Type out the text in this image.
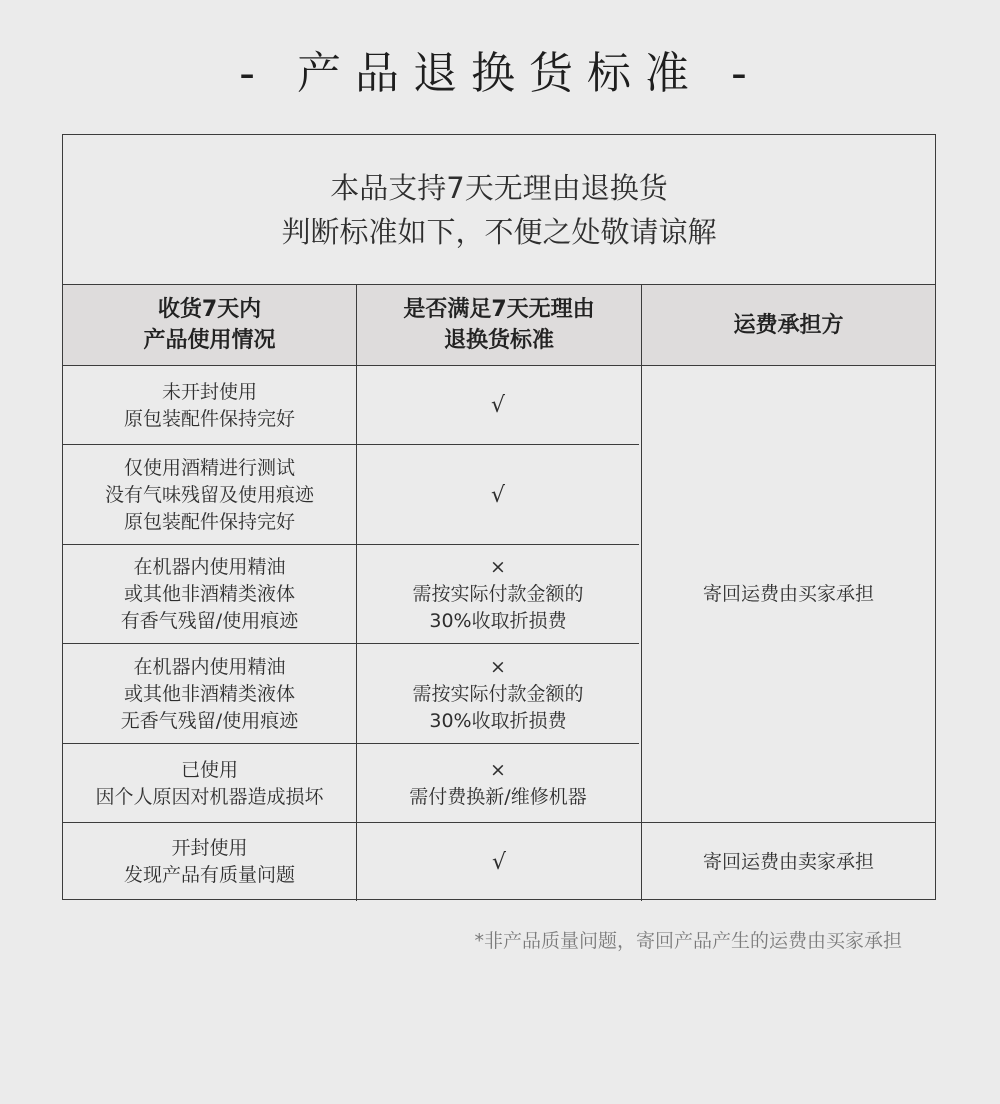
- 产品退换货标准 -
本品支持7天无理由退换货
判断标准如下，不便之处敬请谅解
收货7天内
产品使用情况
是否满足7天无理由
退换货标准
运费承担方
未开封使用
原包装配件保持完好
√
仅使用酒精进行测试
没有气味残留及使用痕迹
原包装配件保持完好
√
在机器内使用精油
或其他非酒精类液体
有香气残留/使用痕迹
×
需按实际付款金额的
30%收取折损费
在机器内使用精油
或其他非酒精类液体
无香气残留/使用痕迹
×
需按实际付款金额的
30%收取折损费
已使用
因个人原因对机器造成损坏
×
需付费换新/维修机器
寄回运费由买家承担
开封使用
发现产品有质量问题
√	寄回运费由卖家承担
*非产品质量问题，寄回产品产生的运费由买家承担
